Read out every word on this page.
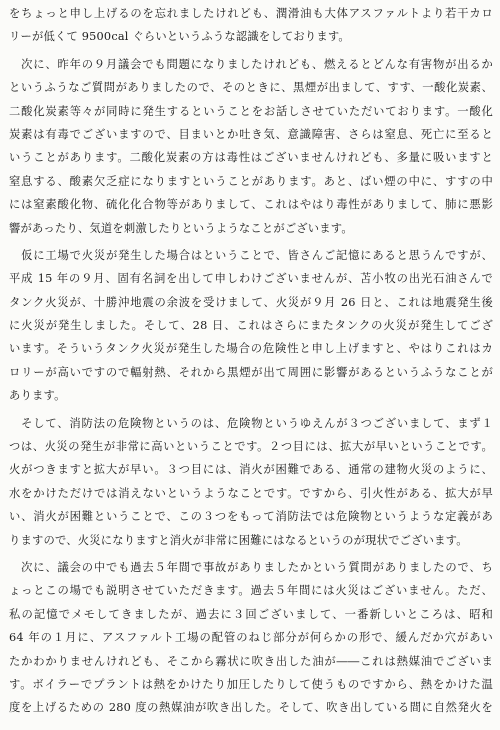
をちょっと申し上げるのを忘れましたけれども、潤滑油も大体アスファルトより若干カロ
リーが低くて 9500cal ぐらいというふうな認識をしております。
　次に、昨年の９月議会でも問題になりましたけれども、燃えるとどんな有害物が出るか
というふうなご質問がありましたので、そのときに、黒煙が出まして、すす、一酸化炭素、
二酸化炭素等々が同時に発生するということをお話しさせていただいております。一酸化
炭素は有毒でございますので、目まいとか吐き気、意識障害、さらは窒息、死亡に至ると
いうことがあります。二酸化炭素の方は毒性はございませんけれども、多量に吸いますと
窒息する、酸素欠乏症になりますということがあります。あと、ばい煙の中に、すすの中
には窒素酸化物、硫化化合物等がありまして、これはやはり毒性がありまして、肺に悪影
響があったり、気道を刺激したりというようなことがございます。
　仮に工場で火災が発生した場合はということで、皆さんご記憶にあると思うんですが、
平成 15 年の９月、固有名詞を出して申しわけございませんが、苫小牧の出光石油さんで
タンク火災が、十勝沖地震の余波を受けまして、火災が９月 26 日と、これは地震発生後
に火災が発生しました。そして、28 日、これはさらにまたタンクの火災が発生してござ
います。そういうタンク火災が発生した場合の危険性と申し上げますと、やはりこれはカ
ロリーが高いですので輻射熱、それから黒煙が出て周囲に影響があるというふうなことが
あります。
　そして、消防法の危険物というのは、危険物というゆえんが３つございまして、まず１
つは、火災の発生が非常に高いということです。２つ目には、拡大が早いということです。
火がつきますと拡大が早い。３つ目には、消火が困難である、通常の建物火災のように、
水をかけただけでは消えないというようなことです。ですから、引火性がある、拡大が早
い、消火が困難ということで、この３つをもって消防法では危険物というような定義があ
りますので、火災になりますと消火が非常に困難にはなるというのが現状でございます。
　次に、議会の中でも過去５年間で事故がありましたかという質問がありましたので、ち
ょっとこの場でも説明させていただきます。過去５年間には火災はございません。ただ、
私の記憶でメモしてきましたが、過去に３回ございまして、一番新しいところは、昭和
64 年の１月に、アスファルト工場の配管のねじ部分が何らかの形で、緩んだか穴があい
たかわかりませんけれども、そこから霧状に吹き出した油が――これは熱媒油でございま
す。ボイラーでプラントは熱をかけたり加圧したりして使うものですから、熱をかけた温
度を上げるための 280 度の熱媒油が吹き出した。そして、吹き出している間に自然発火を
